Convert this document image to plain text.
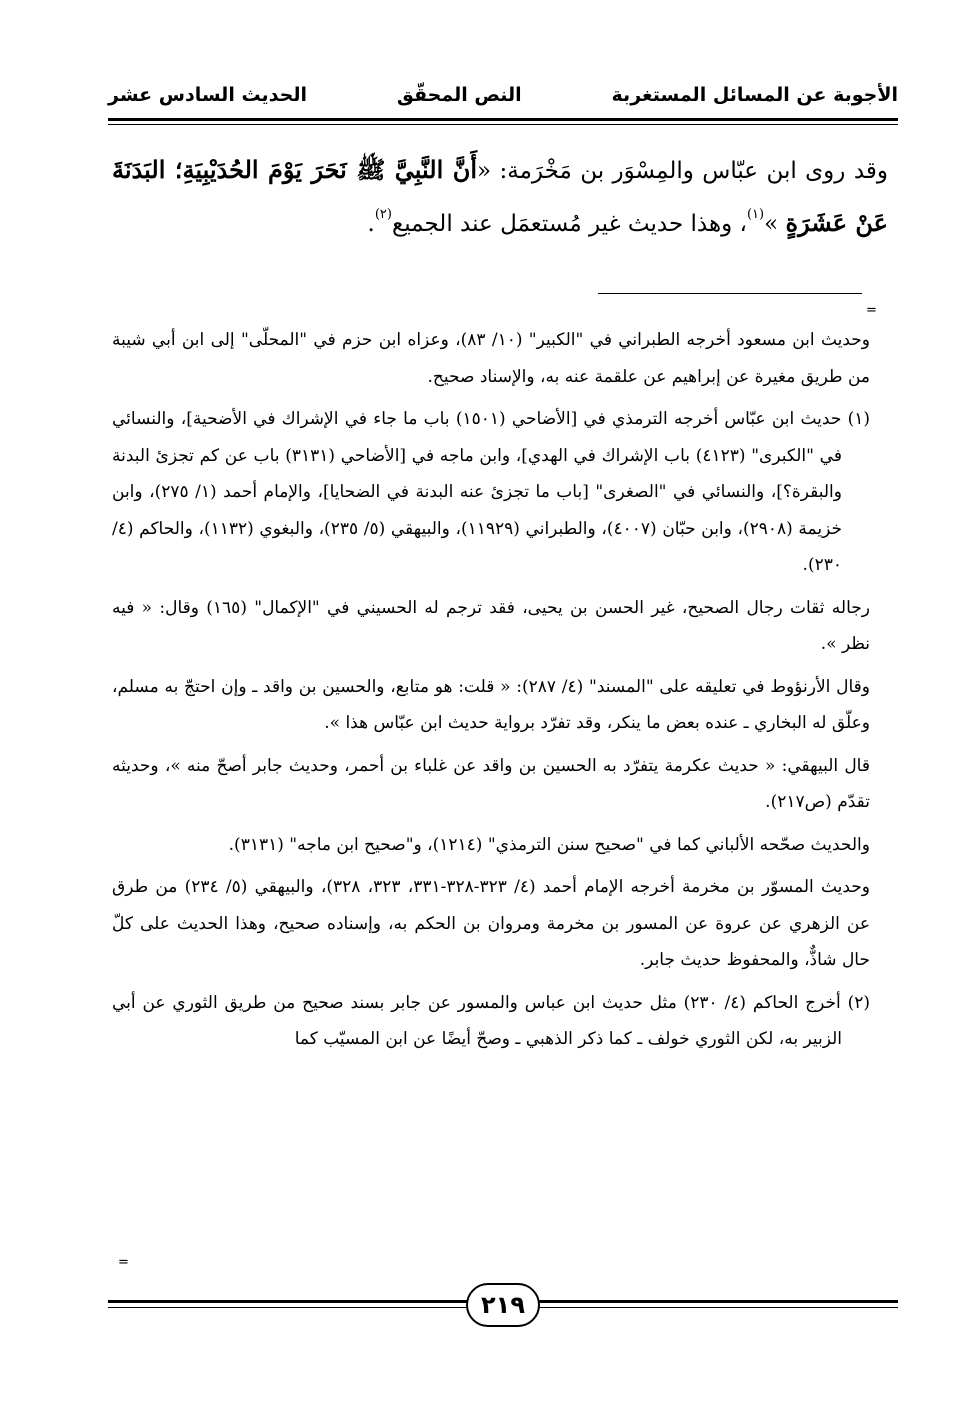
الأجوبة عن المسائل المستغربة
النص المحقّق
الحديث السادس عشر
وقد روى ابن عبّاس والمِسْوَر بن مَخْرَمة: «أَنَّ النَّبِيَّ ﷺ نَحَرَ يَوْمَ الحُدَيْبِيَةِ؛ البَدَنَةَ عَنْ عَشَرَةٍ »$^{(١)}$، وهذا حديث غير مُستعمَل عند الجميع$^{(٢)}$.
=

وحديث ابن مسعود أخرجه الطبراني في "الكبير" (١٠/ ٨٣)، وعزاه ابن حزم في "المحلّى" إلى ابن أبي شيبة من طريق مغيرة عن إبراهيم عن علقمة عنه به، والإسناد صحيح.

(١) حديث ابن عبّاس أخرجه الترمذي في [الأضاحي (١٥٠١) باب ما جاء في الإشراك في الأضحية]، والنسائي في "الكبرى" (٤١٢٣) باب الإشراك في الهدي]، وابن ماجه في [الأضاحي (٣١٣١) باب عن كم تجزئ البدنة والبقرة؟]، والنسائي في "الصغرى" [باب ما تجزئ عنه البدنة في الضحايا]، والإمام أحمد (١/ ٢٧٥)، وابن خزيمة (٢٩٠٨)، وابن حبّان (٤٠٠٧)، والطبراني (١١٩٢٩)، والبيهقي (٥/ ٢٣٥)، والبغوي (١١٣٢)، والحاكم (٤/ ٢٣٠).

رجاله ثقات رجال الصحيح، غير الحسن بن يحيى، فقد ترجم له الحسيني في "الإكمال" (١٦٥) وقال: « فيه نظر ».

وقال الأرنؤوط في تعليقه على "المسند" (٤/ ٢٨٧): « قلت: هو متابع، والحسين بن واقد ـ وإن احتجّ به مسلم، وعلّق له البخاري ـ عنده بعض ما ينكر، وقد تفرّد برواية حديث ابن عبّاس هذا ».

قال البيهقي: « حديث عكرمة يتفرّد به الحسين بن واقد عن غلباء بن أحمر، وحديث جابر أصحّ منه »، وحديثه تقدّم (ص٢١٧).

والحديث صحّحه الألباني كما في "صحيح سنن الترمذي" (١٢١٤)، و"صحيح ابن ماجه" (٣١٣١).

وحديث المسوّر بن مخرمة أخرجه الإمام أحمد (٤/ ٣٢٣-٣٢٨-٣٣١، ٣٢٣، ٣٢٨)، والبيهقي (٥/ ٢٣٤) من طرق عن الزهري عن عروة عن المسور بن مخرمة ومروان بن الحكم به، وإسناده صحيح، وهذا الحديث على كلّ حال شاذٌّ، والمحفوظ حديث جابر.

(٢) أخرج الحاكم (٤/ ٢٣٠) مثل حديث ابن عباس والمسور عن جابر بسند صحيح من طريق الثوري عن أبي الزبير به، لكن الثوري خولف ـ كما ذكر الذهبي ـ وصحّ أيضًا عن ابن المسيّب كما

=
٢١٩
